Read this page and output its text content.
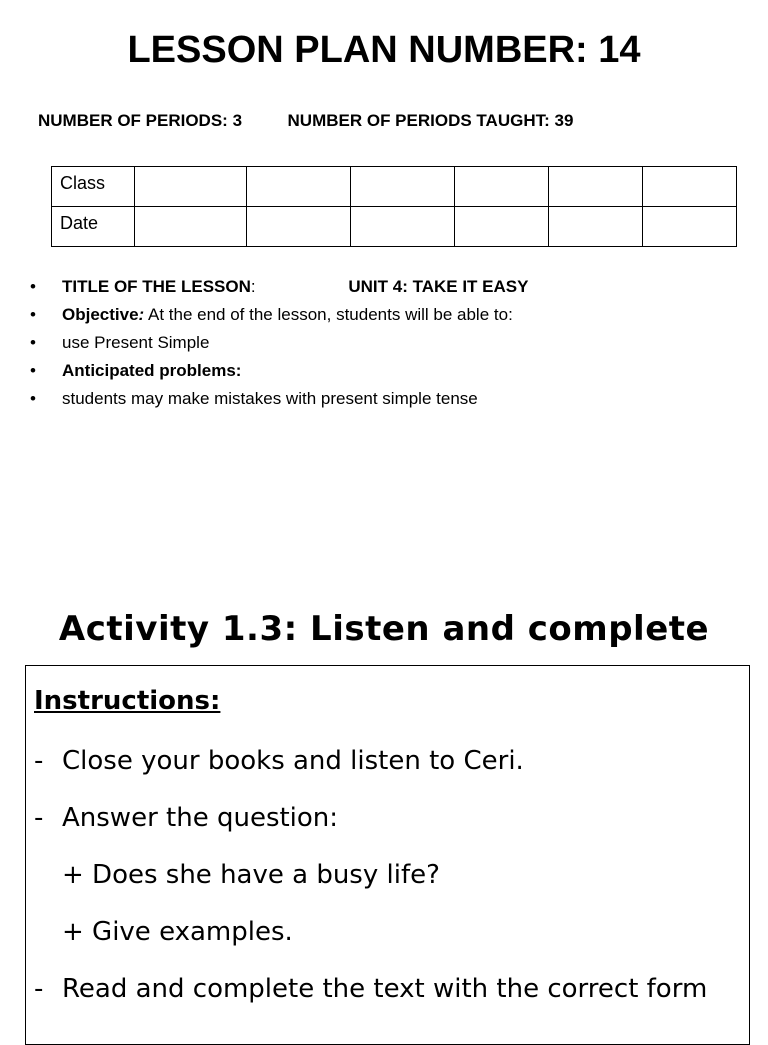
LESSON PLAN NUMBER: 14
NUMBER OF PERIODS: 3	NUMBER OF PERIODS TAUGHT: 39
Class						
Date						
•	TITLE OF THE LESSON:	UNIT 4: TAKE IT EASY
•	Objective: At the end of the lesson, students will be able to:
•	use Present Simple
•	Anticipated problems:
•	students may make mistakes with present simple tense
Activity 1.3: Listen and complete
Instructions:
- Close your books and listen to Ceri.
- Answer the question:
+ Does she have a busy life?
+ Give examples.
- Read and complete the text with the correct form
